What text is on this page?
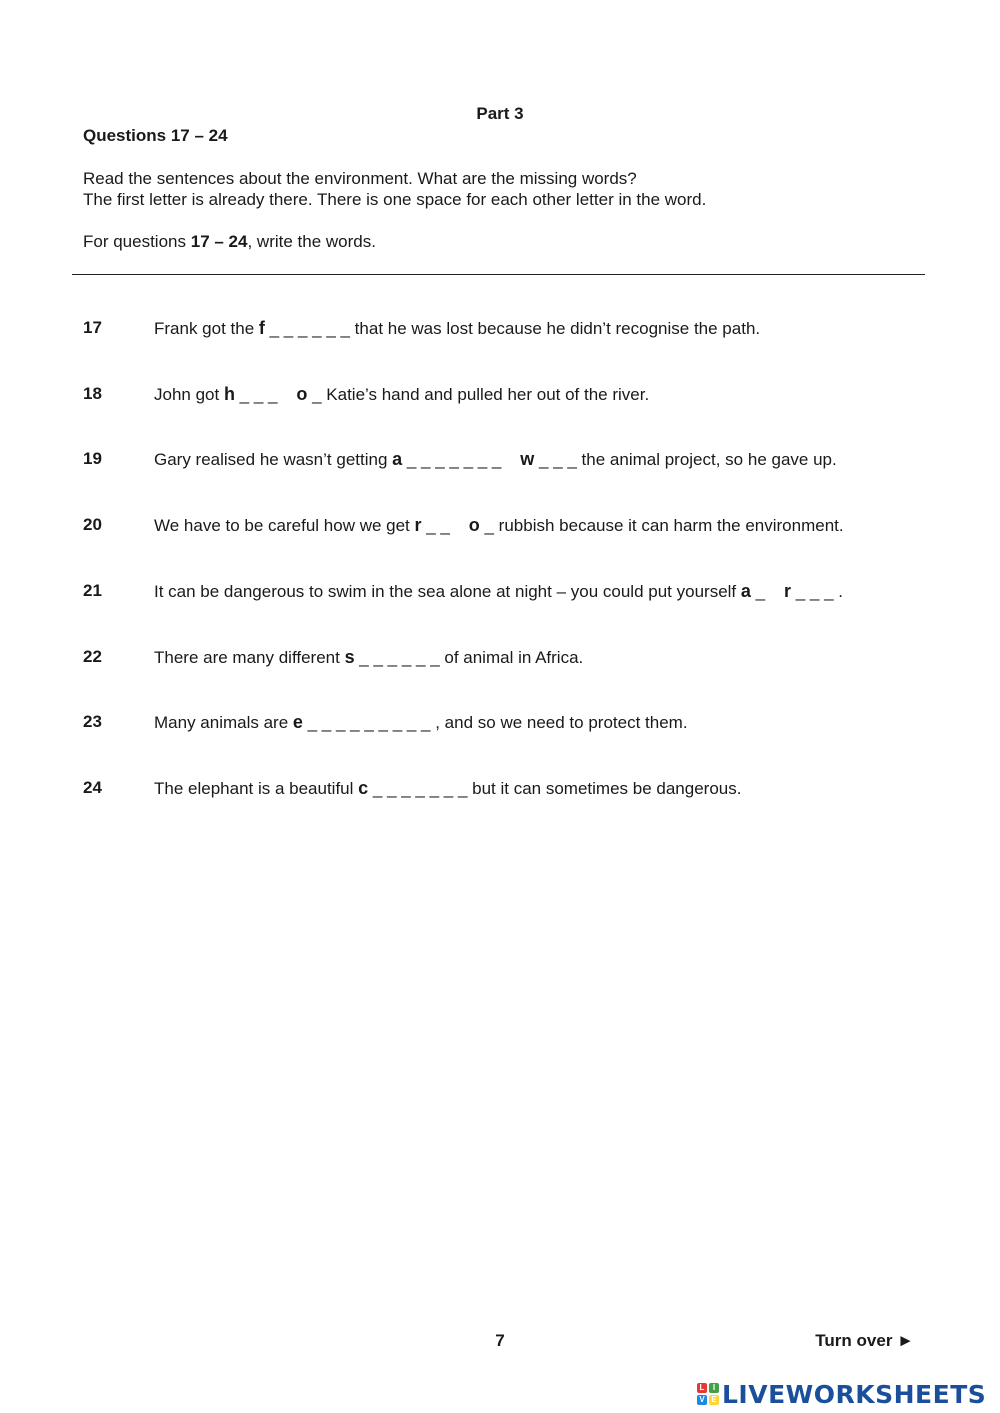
Part 3
Questions 17 – 24
Read the sentences about the environment. What are the missing words?
The first letter is already there. There is one space for each other letter in the word.
For questions 17 – 24, write the words.
17	Frank got the f _ _ _ _ _ _ that he was lost because he didn’t recognise the path.
18	John got h _ _ _    o _ Katie’s hand and pulled her out of the river.
19	Gary realised he wasn’t getting a _ _ _ _ _ _ _    w _ _ _ the animal project, so he gave up.
20	We have to be careful how we get r _ _    o _ rubbish because it can harm the environment.
21	It can be dangerous to swim in the sea alone at night – you could put yourself a _    r _ _ _ .
22	There are many different s _ _ _ _ _ _ of animal in Africa.
23	Many animals are e _ _ _ _ _ _ _ _ _ , and so we need to protect them.
24	The elephant is a beautiful c _ _ _ _ _ _ _ but it can sometimes be dangerous.
7	Turn over ►
L	I
V E LIVEWORKSHEETS
